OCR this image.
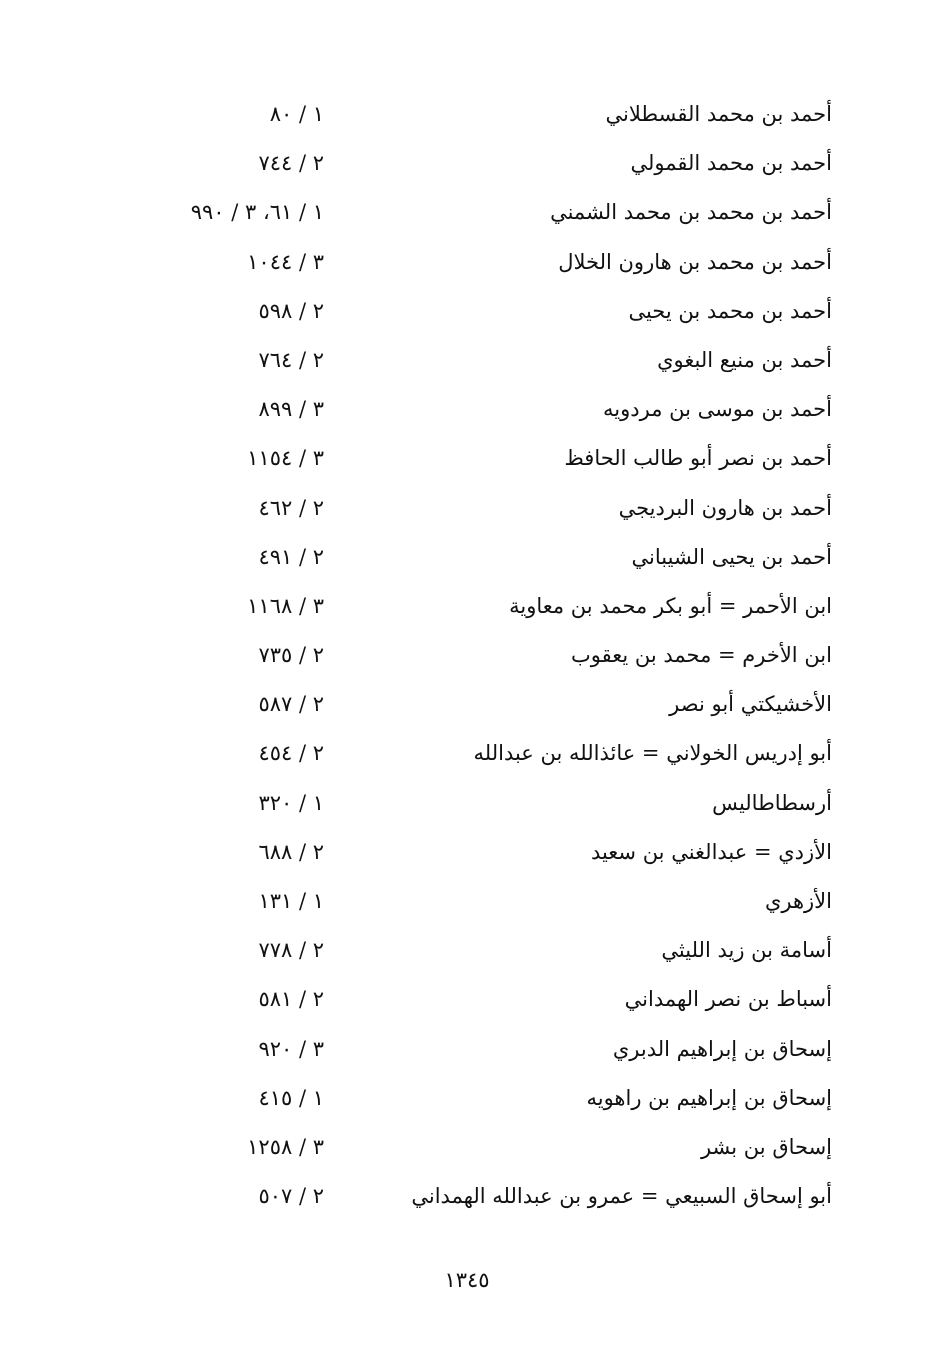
أحمد بن محمد القسطلاني
١ / ٨٠
أحمد بن محمد القمولي
٢ / ٧٤٤
أحمد بن محمد بن محمد الشمني
١ / ٦١، ٣ / ٩٩٠
أحمد بن محمد بن هارون الخلال
٣ / ١٠٤٤
أحمد بن محمد بن يحيى
٢ / ٥٩٨
أحمد بن منيع البغوي
٢ / ٧٦٤
أحمد بن موسى بن مردويه
٣ / ٨٩٩
أحمد بن نصر أبو طالب الحافظ
٣ / ١١٥٤
أحمد بن هارون البرديجي
٢ / ٤٦٢
أحمد بن يحيى الشيباني
٢ / ٤٩١
ابن الأحمر = أبو بكر محمد بن معاوية
٣ / ١١٦٨
ابن الأخرم = محمد بن يعقوب
٢ / ٧٣٥
الأخشيكتي أبو نصر
٢ / ٥٨٧
أبو إدريس الخولاني = عائذالله بن عبدالله
٢ / ٤٥٤
أرسطاطاليس
١ / ٣٢٠
الأزدي = عبدالغني بن سعيد
٢ / ٦٨٨
الأزهري
١ / ١٣١
أسامة بن زيد الليثي
٢ / ٧٧٨
أسباط بن نصر الهمداني
٢ / ٥٨١
إسحاق بن إبراهيم الدبري
٣ / ٩٢٠
إسحاق بن إبراهيم بن راهويه
١ / ٤١٥
إسحاق بن بشر
٣ / ١٢٥٨
أبو إسحاق السبيعي = عمرو بن عبدالله الهمداني
٢ / ٥٠٧
١٣٤٥
